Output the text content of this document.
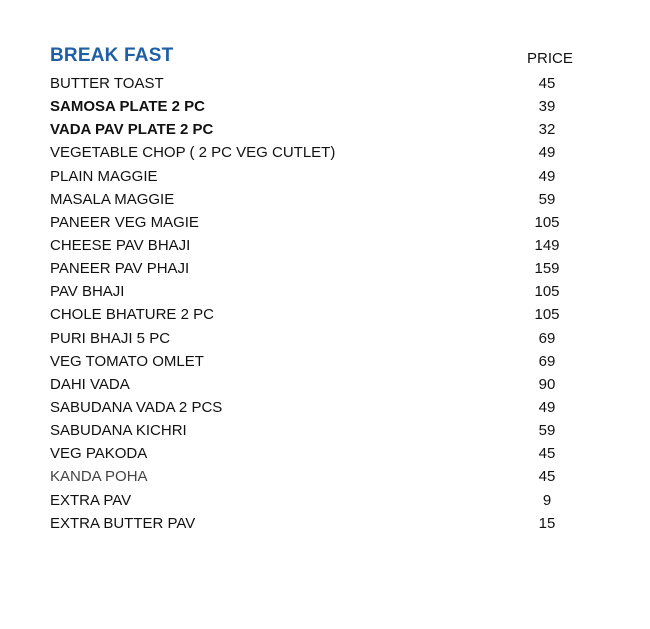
BREAK FAST	PRICE
BUTTER TOAST	45
SAMOSA PLATE 2 PC	39
VADA PAV PLATE 2 PC	32
VEGETABLE CHOP ( 2 PC VEG CUTLET)	49
PLAIN MAGGIE	49
MASALA MAGGIE	59
PANEER VEG MAGIE	105
CHEESE PAV BHAJI	149
PANEER PAV PHAJI	159
PAV BHAJI	105
CHOLE BHATURE 2 PC	105
PURI BHAJI 5 PC	69
VEG TOMATO OMLET	69
DAHI VADA	90
SABUDANA VADA 2 PCS	49
SABUDANA KICHRI	59
VEG PAKODA	45
KANDA POHA	45
EXTRA PAV	9
EXTRA BUTTER PAV	15
